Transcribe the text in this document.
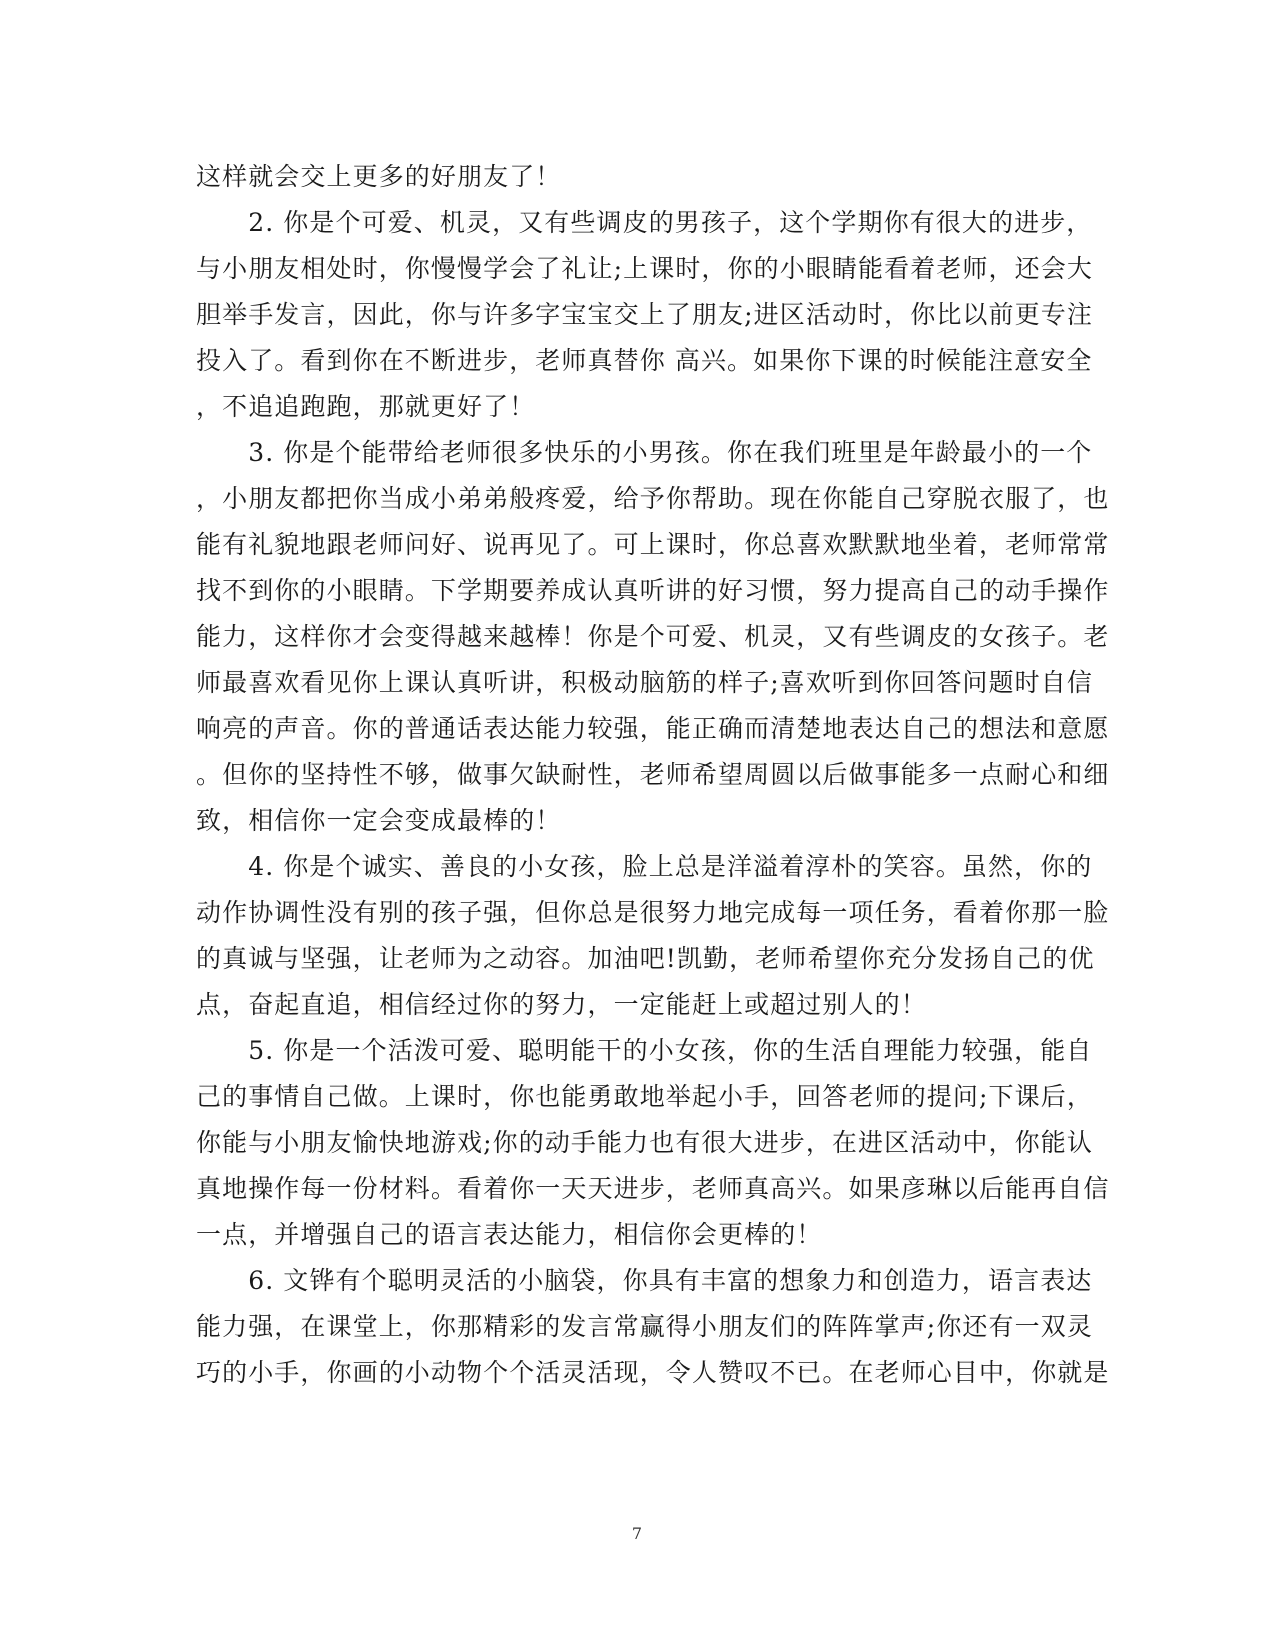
这样就会交上更多的好朋友了！
　　2. 你是个可爱、机灵，又有些调皮的男孩子，这个学期你有很大的进步，
与小朋友相处时，你慢慢学会了礼让;上课时，你的小眼睛能看着老师，还会大
胆举手发言，因此，你与许多字宝宝交上了朋友;进区活动时，你比以前更专注
投入了。看到你在不断进步，老师真替你 高兴。如果你下课的时候能注意安全
，不追追跑跑，那就更好了！
　　3. 你是个能带给老师很多快乐的小男孩。你在我们班里是年龄最小的一个
，小朋友都把你当成小弟弟般疼爱，给予你帮助。现在你能自己穿脱衣服了，也
能有礼貌地跟老师问好、说再见了。可上课时，你总喜欢默默地坐着，老师常常
找不到你的小眼睛。下学期要养成认真听讲的好习惯，努力提高自己的动手操作
能力，这样你才会变得越来越棒！你是个可爱、机灵，又有些调皮的女孩子。老
师最喜欢看见你上课认真听讲，积极动脑筋的样子;喜欢听到你回答问题时自信
响亮的声音。你的普通话表达能力较强，能正确而清楚地表达自己的想法和意愿
。但你的坚持性不够，做事欠缺耐性，老师希望周圆以后做事能多一点耐心和细
致，相信你一定会变成最棒的！
　　4. 你是个诚实、善良的小女孩，脸上总是洋溢着淳朴的笑容。虽然，你的
动作协调性没有别的孩子强，但你总是很努力地完成每一项任务，看着你那一脸
的真诚与坚强，让老师为之动容。加油吧!凯勤，老师希望你充分发扬自己的优
点，奋起直追，相信经过你的努力，一定能赶上或超过别人的！
　　5. 你是一个活泼可爱、聪明能干的小女孩，你的生活自理能力较强，能自
己的事情自己做。上课时，你也能勇敢地举起小手，回答老师的提问;下课后，
你能与小朋友愉快地游戏;你的动手能力也有很大进步，在进区活动中，你能认
真地操作每一份材料。看着你一天天进步，老师真高兴。如果彦琳以后能再自信
一点，并增强自己的语言表达能力，相信你会更棒的！
　　6. 文铧有个聪明灵活的小脑袋，你具有丰富的想象力和创造力，语言表达
能力强，在课堂上，你那精彩的发言常赢得小朋友们的阵阵掌声;你还有一双灵
巧的小手，你画的小动物个个活灵活现，令人赞叹不已。在老师心目中，你就是
7
